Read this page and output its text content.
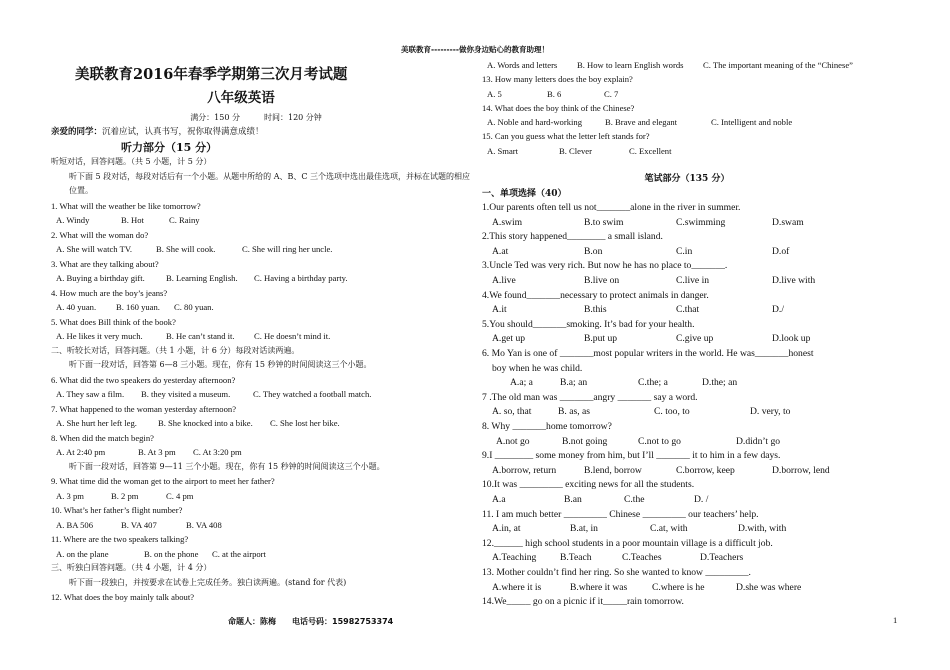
美联教育---------做你身边贴心的教育助理！
美联教育2016年春季学期第三次月考试题
八年级英语
满分：150 分　　　时间：120 分钟
亲爱的同学：沉着应试，认真书写，祝你取得满意成绩！
听力部分（15 分）
听短对话，回答问题。（共 5 小题，计 5 分）
听下面 5 段对话，每段对话后有一个小题。从题中所给的 A、B、C 三个选项中选出最佳选项，并标在试题的相应位置。
1. What will the weather be like tomorrow?
A. Windy	B. Hot	C. Rainy
2. What will the woman do?
A. She will watch TV.	B. She will cook.	C. She will ring her uncle.
3. What are they talking about?
A. Buying a birthday gift. B. Learning English. C. Having a birthday party.
4. How much are the boy’s jeans?
A. 40 yuan. B. 160 yuan. C. 80 yuan.
5. What does Bill think of the book?
A. He likes it very much.	B. He can’t stand it. C. He doesn’t mind it.
二、听较长对话，回答问题。（共 1 小题，计 6 分）每段对话读两遍。
听下面一段对话，回答第 6—8 三小题。现在，你有 15 秒钟的时间阅读这三个小题。
6. What did the two speakers do yesterday afternoon?
A. They saw a film. B. they visited a museum.	C. They watched a football match.
7. What happened to the woman yesterday afternoon?
A. She hurt her left leg. B. She knocked into a bike. C. She lost her bike.
8. When did the match begin?
A. At 2:40 pm	B. At 3 pm C. At 3:20 pm
听下面一段对话，回答第 9—11 三个小题。现在，你有 15 秒钟的时间阅读这三个小题。
9. What time did the woman get to the airport to meet her father?
A. 3 pm	B. 2 pm	C. 4 pm
10. What’s her father’s flight number?
A. BA 506	B. VA 407	B. VA 408
11. Where are the two speakers talking?
A. on the plane	B. on the phone C. at the airport
三、听独白回答问题。（共 4 小题，计 4 分）
听下面一段独白，并按要求在试卷上完成任务。独白读两遍。(stand for 代表)
12. What does the boy mainly talk about?
A. Words and letters B. How to learn English words C. The important meaning of the “Chinese”
13. How many letters does the boy explain?
A. 5	B. 6	C. 7
14. What does the boy think of the Chinese?
A. Noble and hard-working	B. Brave and elegant	C. Intelligent and noble
15. Can you guess what the letter left stands for?
A. Smart	B. Clever	C. Excellent
笔试部分（135 分）
一、单项选择（40）
1.Our parents often tell us not_______alone in the river in summer.
A.swim	B.to swim	C.swimming	D.swam
2.This story happened________ a small island.
A.at	B.on	C.in	D.of
3.Uncle Ted was very rich. But now he has no place to_______.
A.live	B.live on	C.live in	D.live with
4.We found_______necessary to protect animals in danger.
A.it	B.this	C.that	D./
5.You should_______smoking. It’s bad for your health.
A.get up	B.put up	C.give up	D.look up
6. Mo Yan is one of _______most popular writers in the world. He was_______honest
boy when he was child.
A.a; a	B.a; an	C.the; a	D.the; an
7 .The old man was _______angry _______ say a word.
A. so, that	B. as, as	C. too, to	D. very, to
8. Why _______home tomorrow?
A.not go	B.not going	C.not to go	D.didn’t go
9.I ________ some money from him, but I’ll _______ it to him in a few days.
A.borrow, return	B.lend, borrow	C.borrow, keep	D.borrow, lend
10.It was _________ exciting news for all the students.
A.a	B.an	C.the	D. /
11. I am much better _________ Chinese _________ our teachers’ help.
A.in, at	B.at, in	C.at, with	D.with, with
12.______ high school students in a poor mountain village is a difficult job.
A.Teaching B.Teach	C.Teaches	D.Teachers
13. Mother couldn’t find her ring. So she wanted to know _________.
A.where it is	B.where it was	C.where is he	D.she was where
14.We_____ go on a picnic if it_____rain tomorrow.
命题人：陈梅　　电话号码：15982753374	1
